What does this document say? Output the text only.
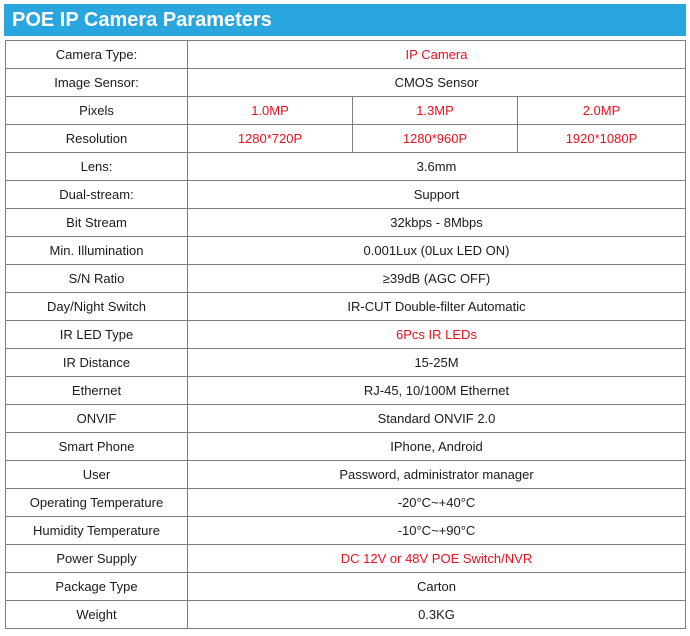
POE IP Camera Parameters
Camera Type:	IP Camera		
Image Sensor:	CMOS Sensor		
Pixels	1.0MP	1.3MP	2.0MP
Resolution	1280*720P	1280*960P	1920*1080P
Lens:	3.6mm		
Dual-stream:	Support		
Bit Stream	32kbps - 8Mbps		
Min. Illumination	0.001Lux (0Lux LED ON)		
S/N Ratio	≥39dB (AGC OFF)		
Day/Night Switch	IR-CUT Double-filter Automatic		
IR LED Type	6Pcs IR LEDs		
IR Distance	15-25M		
Ethernet	RJ-45, 10/100M Ethernet		
ONVIF	Standard ONVIF 2.0		
Smart Phone	IPhone, Android		
User	Password, administrator manager		
Operating Temperature	-20°C~+40°C		
Humidity Temperature	-10°C~+90°C		
Power Supply	DC 12V or 48V POE Switch/NVR		
Package Type	Carton		
Weight	0.3KG		
